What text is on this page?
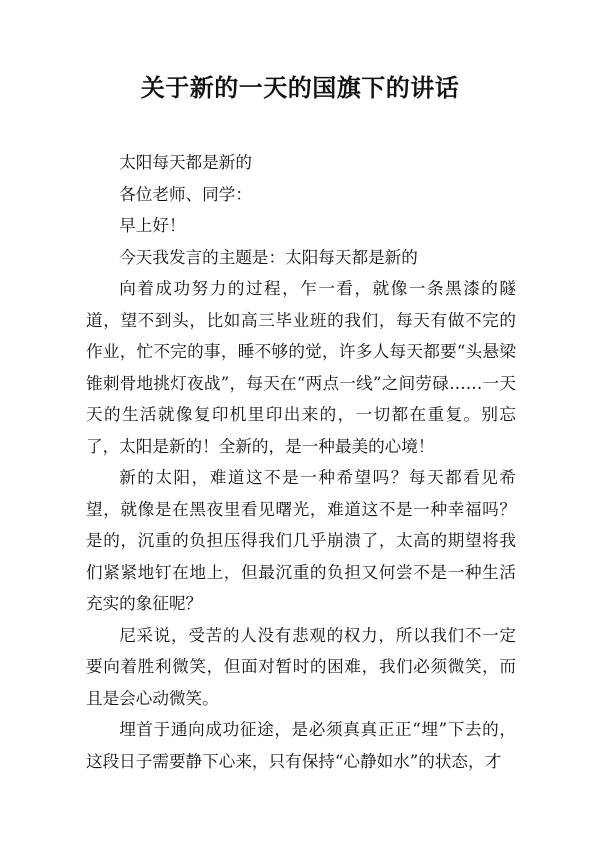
关于新的一天的国旗下的讲话

太阳每天都是新的

各位老师、同学：

早上好！

今天我发言的主题是：太阳每天都是新的

向着成功努力的过程，乍一看，就像一条黑漆的隧道，望不到头，比如高三毕业班的我们，每天有做不完的作业，忙不完的事，睡不够的觉，许多人每天都要“头悬梁锥刺骨地挑灯夜战”，每天在“两点一线”之间劳碌……一天天的生活就像复印机里印出来的，一切都在重复。别忘了，太阳是新的！全新的，是一种最美的心境！

新的太阳，难道这不是一种希望吗？每天都看见希望，就像是在黑夜里看见曙光，难道这不是一种幸福吗？是的，沉重的负担压得我们几乎崩溃了，太高的期望将我们紧紧地钉在地上，但最沉重的负担又何尝不是一种生活充实的象征呢？

尼采说，受苦的人没有悲观的权力，所以我们不一定要向着胜利微笑，但面对暂时的困难，我们必须微笑，而且是会心动微笑。

埋首于通向成功征途，是必须真真正正“埋”下去的，这段日子需要静下心来，只有保持“心静如水”的状态，才
